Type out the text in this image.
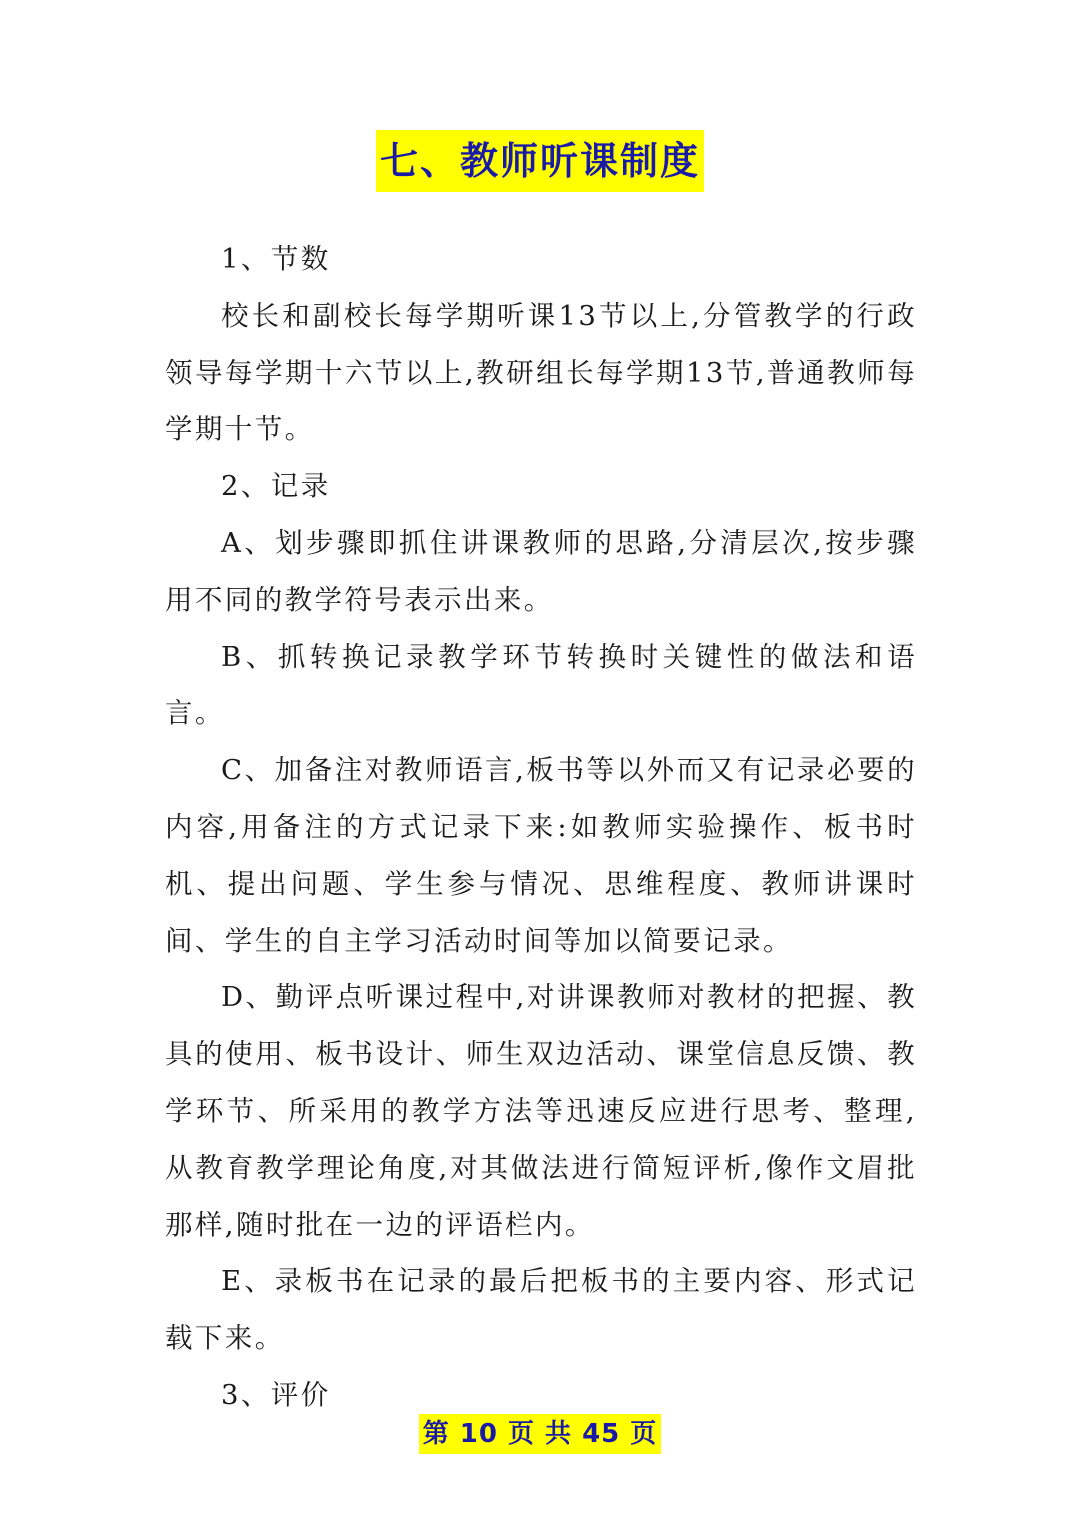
七、教师听课制度

1、节数

校长和副校长每学期听课13节以上,分管教学的行政领导每学期十六节以上,教研组长每学期13节,普通教师每学期十节。

2、记录

A、划步骤即抓住讲课教师的思路,分清层次,按步骤用不同的教学符号表示出来。

B、抓转换记录教学环节转换时关键性的做法和语言。

C、加备注对教师语言,板书等以外而又有记录必要的内容,用备注的方式记录下来:如教师实验操作、板书时机、提出问题、学生参与情况、思维程度、教师讲课时间、学生的自主学习活动时间等加以简要记录。

D、勤评点听课过程中,对讲课教师对教材的把握、教具的使用、板书设计、师生双边活动、课堂信息反馈、教学环节、所采用的教学方法等迅速反应进行思考、整理,从教育教学理论角度,对其做法进行简短评析,像作文眉批那样,随时批在一边的评语栏内。

E、录板书在记录的最后把板书的主要内容、形式记载下来。

3、评价

第 10 页 共 45 页
